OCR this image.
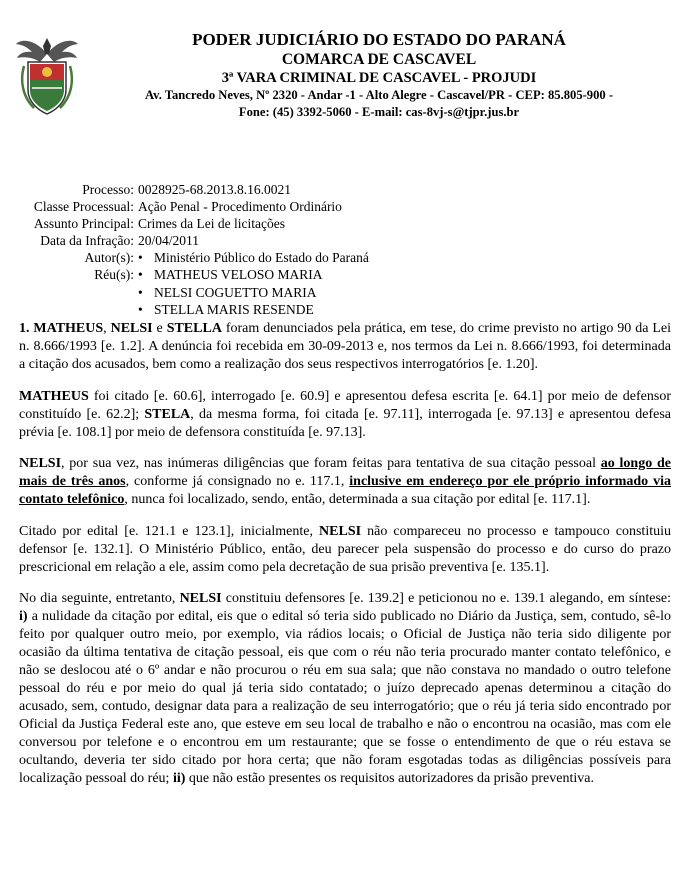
PODER JUDICIÁRIO DO ESTADO DO PARANÁ
COMARCA DE CASCAVEL
3ª VARA CRIMINAL DE CASCAVEL - PROJUDI
Av. Tancredo Neves, Nº 2320 - Andar -1 - Alto Alegre - Cascavel/PR - CEP: 85.805-900 -
Fone: (45) 3392-5060 - E-mail: cas-8vj-s@tjpr.jus.br
Processo: 0028925-68.2013.8.16.0021
Classe Processual: Ação Penal - Procedimento Ordinário
Assunto Principal: Crimes da Lei de licitações
Data da Infração: 20/04/2011
Autor(s): • Ministério Público do Estado do Paraná
Réu(s): • MATHEUS VELOSO MARIA
• NELSI COGUETTO MARIA
• STELLA MARIS RESENDE

1. MATHEUS, NELSI e STELLA foram denunciados pela prática, em tese, do crime previsto no artigo 90 da Lei n. 8.666/1993 [e. 1.2]. A denúncia foi recebida em 30-09-2013 e, nos termos da Lei n. 8.666/1993, foi determinada a citação dos acusados, bem como a realização dos seus respectivos interrogatórios [e. 1.20].

MATHEUS foi citado [e. 60.6], interrogado [e. 60.9] e apresentou defesa escrita [e. 64.1] por meio de defensor constituído [e. 62.2]; STELA, da mesma forma, foi citada [e. 97.11], interrogada [e. 97.13] e apresentou defesa prévia [e. 108.1] por meio de defensora constituída [e. 97.13].

NELSI, por sua vez, nas inúmeras diligências que foram feitas para tentativa de sua citação pessoal ao longo de mais de três anos, conforme já consignado no e. 117.1, inclusive em endereço por ele próprio informado via contato telefônico, nunca foi localizado, sendo, então, determinada a sua citação por edital [e. 117.1].

Citado por edital [e. 121.1 e 123.1], inicialmente, NELSI não compareceu no processo e tampouco constituiu defensor [e. 132.1]. O Ministério Público, então, deu parecer pela suspensão do processo e do curso do prazo prescricional em relação a ele, assim como pela decretação de sua prisão preventiva [e. 135.1].

No dia seguinte, entretanto, NELSI constituiu defensores [e. 139.2] e peticionou no e. 139.1 alegando, em síntese: i) a nulidade da citação por edital, eis que o edital só teria sido publicado no Diário da Justiça, sem, contudo, sê-lo feito por qualquer outro meio, por exemplo, via rádios locais; o Oficial de Justiça não teria sido diligente por ocasião da última tentativa de citação pessoal, eis que com o réu não teria procurado manter contato telefônico, e não se deslocou até o 6º andar e não procurou o réu em sua sala; que não constava no mandado o outro telefone pessoal do réu e por meio do qual já teria sido contatado; o juízo deprecado apenas determinou a citação do acusado, sem, contudo, designar data para a realização de seu interrogatório; que o réu já teria sido encontrado por Oficial da Justiça Federal este ano, que esteve em seu local de trabalho e não o encontrou na ocasião, mas com ele conversou por telefone e o encontrou em um restaurante; que se fosse o entendimento de que o réu estava se ocultando, deveria ter sido citado por hora certa; que não foram esgotadas todas as diligências possíveis para localização pessoal do réu; ii) que não estão presentes os requisitos autorizadores da prisão preventiva.
